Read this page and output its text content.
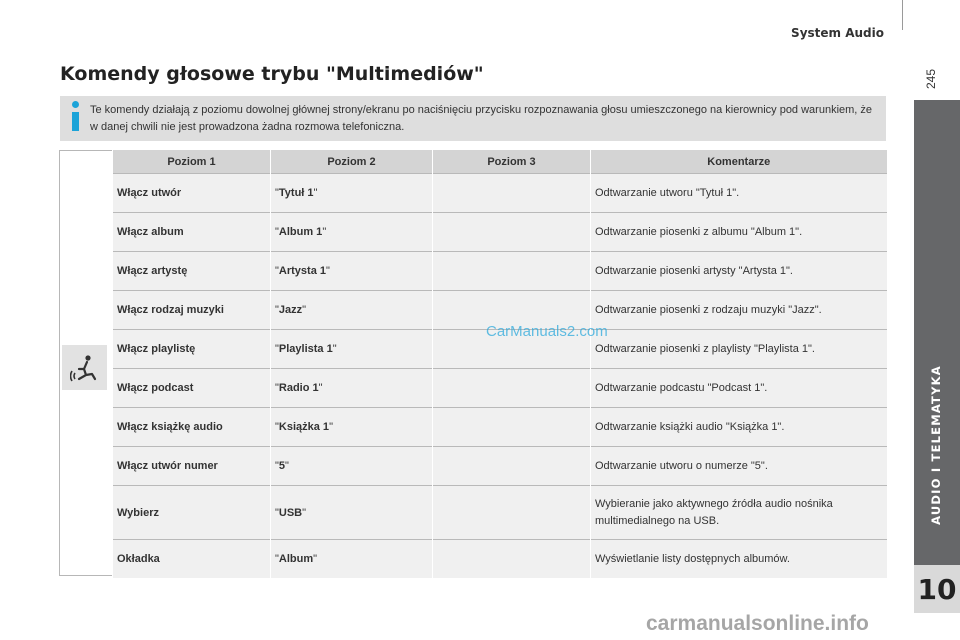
System Audio
245
AUDIO I TELEMATYKA
10
Komendy głosowe trybu "Multimediów"

Te komendy działają z poziomu dowolnej głównej strony/ekranu po naciśnięciu przycisku rozpoznawania głosu umieszczonego na kierownicy pod warunkiem, że w danej chwili nie jest prowadzona żadna rozmowa telefoniczna.

Poziom 1	Poziom 2	Poziom 3	Komentarze
Włącz utwór	"Tytuł 1"		Odtwarzanie utworu "Tytuł 1".
Włącz album	"Album 1"		Odtwarzanie piosenki z albumu "Album 1".
Włącz artystę	"Artysta 1"		Odtwarzanie piosenki artysty "Artysta 1".
Włącz rodzaj muzyki	"Jazz"		Odtwarzanie piosenki z rodzaju muzyki "Jazz".
Włącz playlistę	"Playlista 1"		Odtwarzanie piosenki z playlisty "Playlista 1".
Włącz podcast	"Radio 1"		Odtwarzanie podcastu "Podcast 1".
Włącz książkę audio	"Książka 1"		Odtwarzanie książki audio "Książka 1".
Włącz utwór numer	"5"		Odtwarzanie utworu o numerze "5".
Wybierz	"USB"		Wybieranie jako aktywnego źródła audio nośnika multimedialnego na USB.
Okładka	"Album"		Wyświetlanie listy dostępnych albumów.
CarManuals2.com
carmanualsonline.info
